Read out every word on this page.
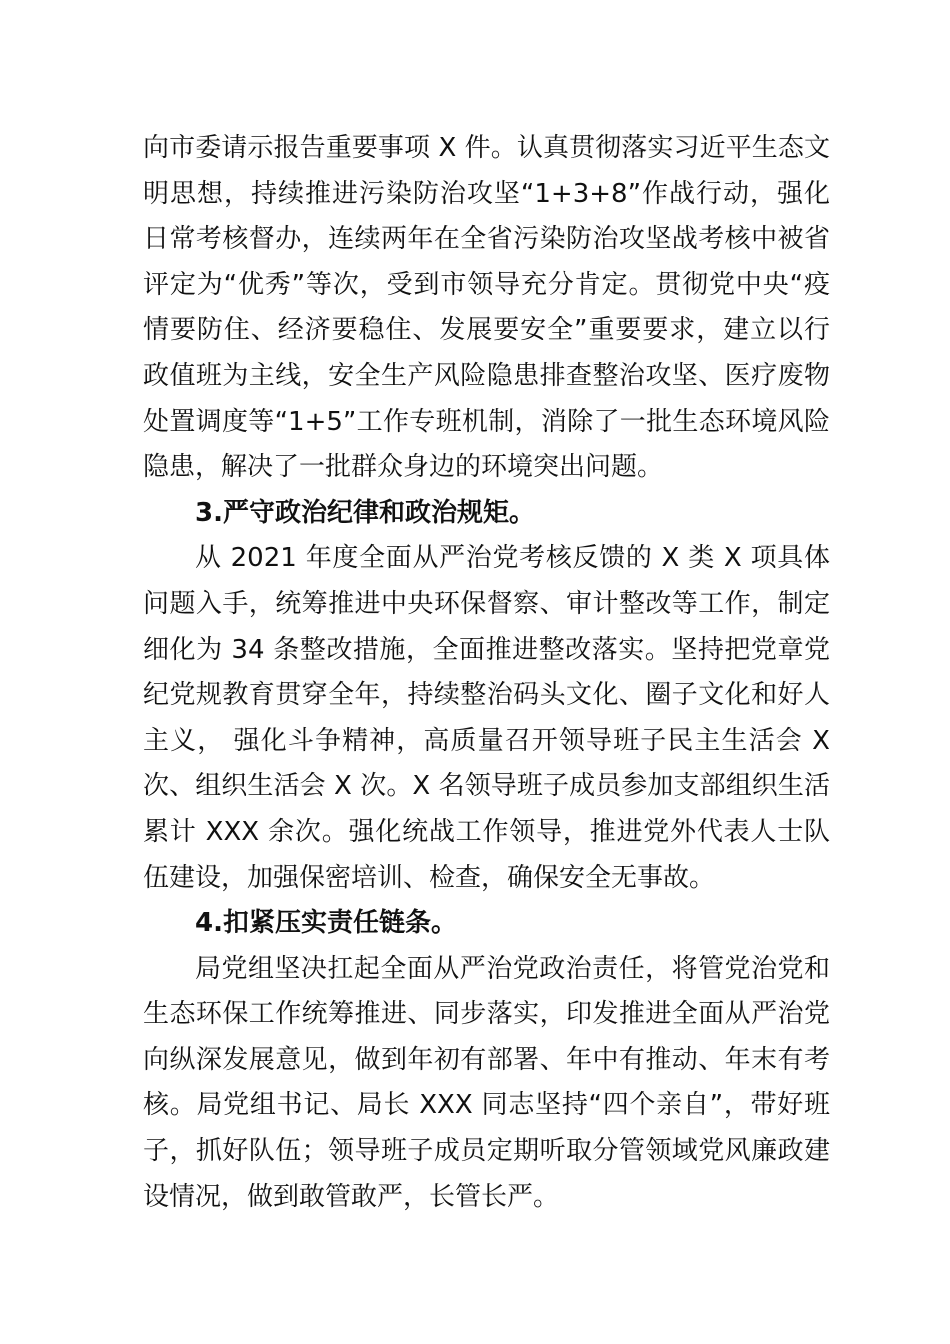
向市委请示报告重要事项 X 件。认真贯彻落实习近平生态文明思想，持续推进污染防治攻坚“1+3+8”作战行动，强化日常考核督办，连续两年在全省污染防治攻坚战考核中被省评定为“优秀”等次，受到市领导充分肯定。贯彻党中央“疫情要防住、经济要稳住、发展要安全”重要要求，建立以行政值班为主线，安全生产风险隐患排查整治攻坚、医疗废物处置调度等“1+5”工作专班机制，消除了一批生态环境风险隐患，解决了一批群众身边的环境突出问题。

3.严守政治纪律和政治规矩。

从 2021 年度全面从严治党考核反馈的 X 类 X 项具体问题入手，统筹推进中央环保督察、审计整改等工作，制定细化为 34 条整改措施，全面推进整改落实。坚持把党章党纪党规教育贯穿全年，持续整治码头文化、圈子文化和好人主义， 强化斗争精神，高质量召开领导班子民主生活会 X 次、组织生活会 X 次。X 名领导班子成员参加支部组织生活累计 XXX 余次。强化统战工作领导，推进党外代表人士队伍建设，加强保密培训、检查，确保安全无事故。

4.扣紧压实责任链条。

局党组坚决扛起全面从严治党政治责任，将管党治党和生态环保工作统筹推进、同步落实，印发推进全面从严治党向纵深发展意见，做到年初有部署、年中有推动、年末有考核。局党组书记、局长 XXX 同志坚持“四个亲自”，带好班子，抓好队伍；领导班子成员定期听取分管领域党风廉政建设情况，做到敢管敢严，长管长严。
